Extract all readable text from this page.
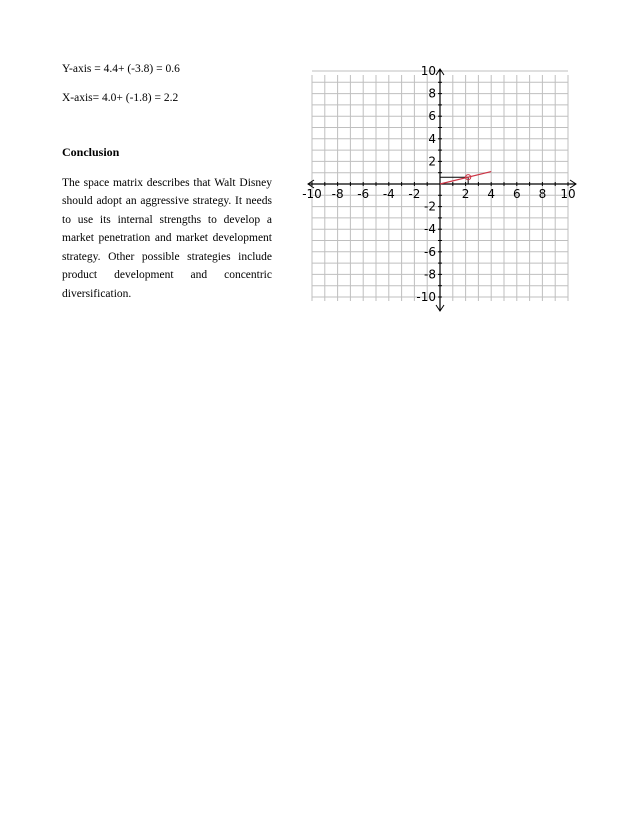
Y-axis = 4.4+ (-3.8) = 0.6

X-axis= 4.0+ (-1.8) = 2.2

Conclusion

The space matrix describes that Walt Disney should adopt an aggressive strategy. It needs to use its internal strengths to develop a market penetration and market development strategy. Other possible strategies include product development and concentric diversification.

-10 -8 -6 -4 -2	2 4 6 8 10
10
8
6
4
2
-2
-4
-6
-8
-10
